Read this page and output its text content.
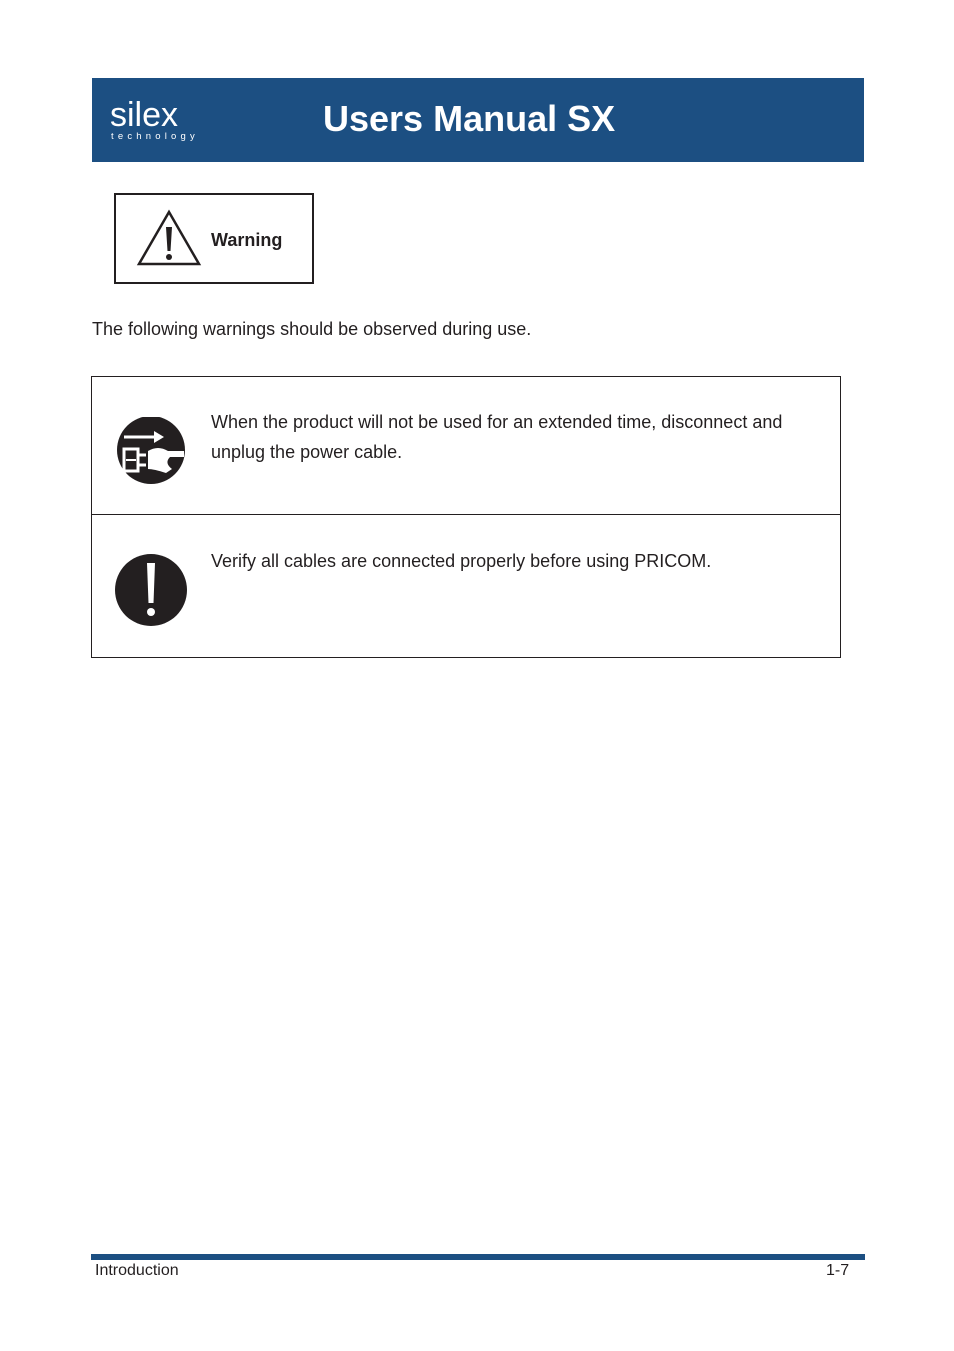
silex
technology	Users Manual SX
Warning
The following warnings should be observed during use.
When the product will not be used for an extended time, disconnect and unplug the power cable.
Verify all cables are connected properly before using PRICOM.
Introduction	1-7
